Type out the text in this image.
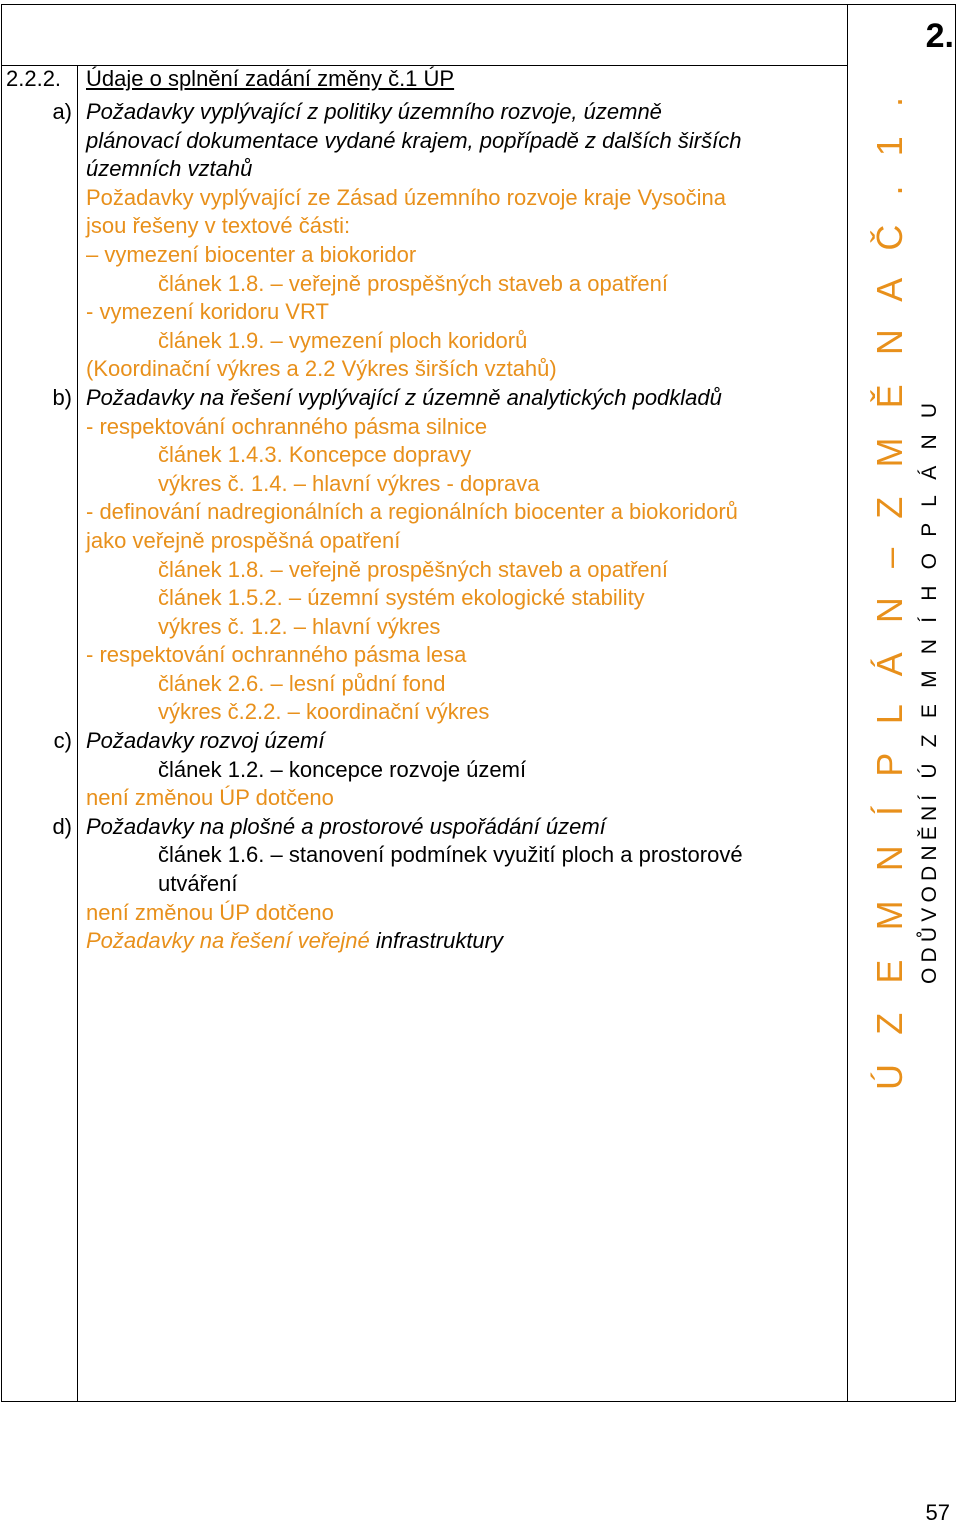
2.
2.2.2. Údaje o splnění zadání změny č.1 ÚP
a)
b)
c)
d)
Požadavky vyplývající z politiky územního rozvoje, územně
plánovací dokumentace vydané krajem, popřípadě z dalších širších
územních vztahů
Požadavky vyplývající ze Zásad územního rozvoje kraje Vysočina
jsou řešeny v textové části:
– vymezení biocenter a biokoridor
článek 1.8. – veřejně prospěšných staveb a opatření
- vymezení koridoru VRT
článek 1.9. – vymezení ploch koridorů
(Koordinační výkres a 2.2 Výkres širších vztahů)
Požadavky na řešení vyplývající z územně analytických podkladů
- respektování ochranného pásma silnice
článek 1.4.3. Koncepce dopravy
výkres č. 1.4. – hlavní výkres - doprava
- definování nadregionálních a regionálních biocenter a biokoridorů
jako veřejně prospěšná opatření
článek 1.8. – veřejně prospěšných staveb a opatření
článek 1.5.2. – územní systém ekologické stability
výkres č. 1.2. – hlavní výkres
- respektování ochranného pásma lesa
článek 2.6. – lesní půdní fond
výkres č.2.2. – koordinační výkres
Požadavky rozvoj území
článek 1.2. – koncepce rozvoje území
není změnou ÚP dotčeno
Požadavky na plošné a prostorové uspořádání území
článek 1.6. – stanovení podmínek využití ploch a prostorové
utváření
není změnou ÚP dotčeno
Požadavky na řešení veřejné infrastruktury	Ú Z E M N Í P L Á N – Z M Ě N A Č . 1 . ODŮVODNĚNÍ Ú Z E M N Í H O P L Á N U
57
